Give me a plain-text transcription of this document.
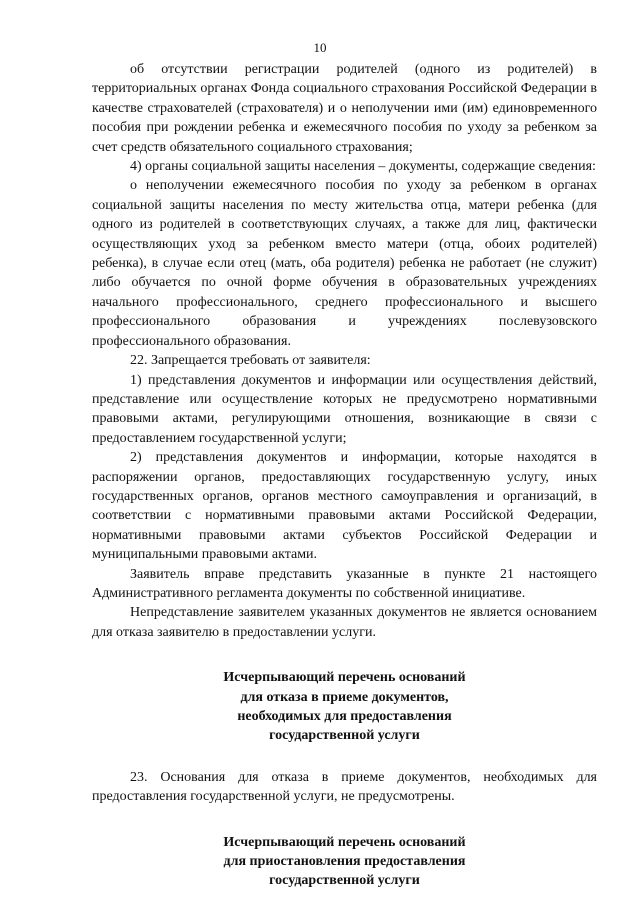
10

об отсутствии регистрации родителей (одного из родителей) в территориальных органах Фонда социального страхования Российской Федерации в качестве страхователей (страхователя) и о неполучении ими (им) единовременного пособия при рождении ребенка и ежемесячного пособия по уходу за ребенком за счет средств обязательного социального страхования;

4) органы социальной защиты населения – документы, содержащие сведения:

о неполучении ежемесячного пособия по уходу за ребенком в органах социальной защиты населения по месту жительства отца, матери ребенка (для одного из родителей в соответствующих случаях, а также для лиц, фактически осуществляющих уход за ребенком вместо матери (отца, обоих родителей) ребенка), в случае если отец (мать, оба родителя) ребенка не работает (не служит) либо обучается по очной форме обучения в образовательных учреждениях начального профессионального, среднего профессионального и высшего профессионального образования и учреждениях послевузовского профессионального образования.

22. Запрещается требовать от заявителя:

1) представления документов и информации или осуществления действий, представление или осуществление которых не предусмотрено нормативными правовыми актами, регулирующими отношения, возникающие в связи с предоставлением государственной услуги;

2) представления документов и информации, которые находятся в распоряжении органов, предоставляющих государственную услугу, иных государственных органов, органов местного самоуправления и организаций, в соответствии с нормативными правовыми актами Российской Федерации, нормативными правовыми актами субъектов Российской Федерации и муниципальными правовыми актами.

Заявитель вправе представить указанные в пункте 21 настоящего Административного регламента документы по собственной инициативе.

Непредставление заявителем указанных документов не является основанием для отказа заявителю в предоставлении услуги.

Исчерпывающий перечень оснований
для отказа в приеме документов,
необходимых для предоставления
государственной услуги

23. Основания для отказа в приеме документов, необходимых для предоставления государственной услуги, не предусмотрены.

Исчерпывающий перечень оснований
для приостановления предоставления
государственной услуги
